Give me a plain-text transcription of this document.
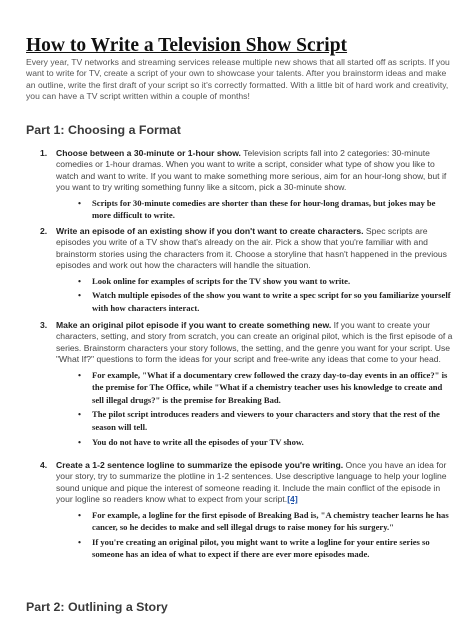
How to Write a Television Show Script

Every year, TV networks and streaming services release multiple new shows that all started off as scripts. If you want to write for TV, create a script of your own to showcase your talents. After you brainstorm ideas and make an outline, write the first draft of your script so it's correctly formatted. With a little bit of hard work and creativity, you can have a TV script written within a couple of months!

Part 1: Choosing a Format
1. Choose between a 30-minute or 1-hour show. Television scripts fall into 2 categories: 30-minute comedies or 1-hour dramas. When you want to write a script, consider what type of show you like to watch and want to write. If you want to make something more serious, aim for an hour-long show, but if you want to try writing something funny like a sitcom, pick a 30-minute show.
• Scripts for 30-minute comedies are shorter than these for hour-long dramas, but jokes may be more difficult to write.
2. Write an episode of an existing show if you don't want to create characters. Spec scripts are episodes you write of a TV show that's already on the air. Pick a show that you're familiar with and brainstorm stories using the characters from it. Choose a storyline that hasn't happened in the previous episodes and work out how the characters will handle the situation.
• Look online for examples of scripts for the TV show you want to write.
• Watch multiple episodes of the show you want to write a spec script for so you familiarize yourself with how characters interact.
3. Make an original pilot episode if you want to create something new. If you want to create your characters, setting, and story from scratch, you can create an original pilot, which is the first episode of a series. Brainstorm characters your story follows, the setting, and the genre you want for your script. Use "What If?" questions to form the ideas for your script and free-write any ideas that come to your head.
• For example, "What if a documentary crew followed the crazy day-to-day events in an office?" is the premise for The Office, while "What if a chemistry teacher uses his knowledge to create and sell illegal drugs?" is the premise for Breaking Bad.
• The pilot script introduces readers and viewers to your characters and story that the rest of the season will tell.
• You do not have to write all the episodes of your TV show.
4. Create a 1-2 sentence logline to summarize the episode you're writing. Once you have an idea for your story, try to summarize the plotline in 1-2 sentences. Use descriptive language to help your logline sound unique and pique the interest of someone reading it. Include the main conflict of the episode in your logline so readers know what to expect from your script.[4]
• For example, a logline for the first episode of Breaking Bad is, "A chemistry teacher learns he has cancer, so he decides to make and sell illegal drugs to raise money for his surgery."
• If you're creating an original pilot, you might want to write a logline for your entire series so someone has an idea of what to expect if there are ever more episodes made.
Part 2: Outlining a Story
